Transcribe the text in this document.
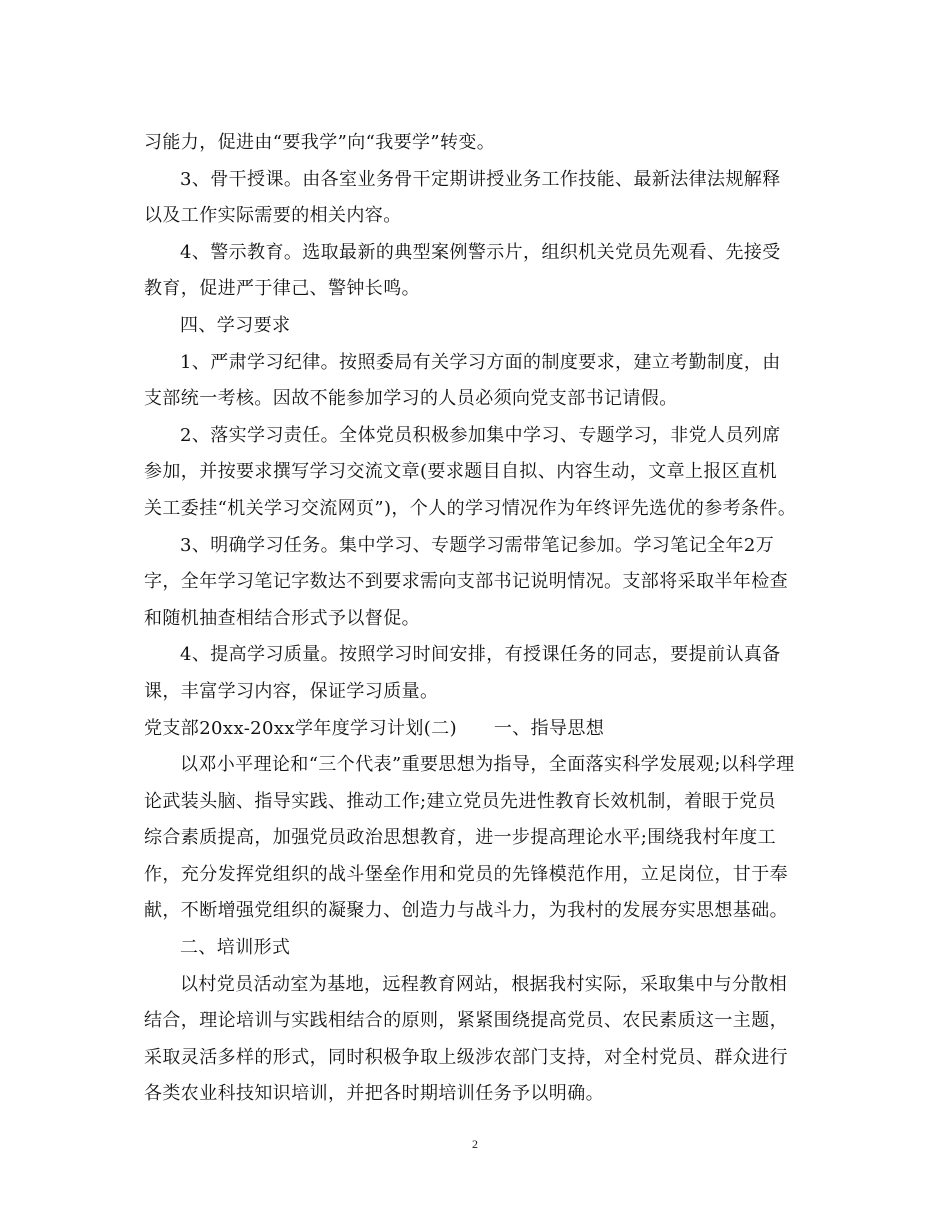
习能力，促进由“要我学”向“我要学”转变。
3、骨干授课。由各室业务骨干定期讲授业务工作技能、最新法律法规解释
以及工作实际需要的相关内容。
4、警示教育。选取最新的典型案例警示片，组织机关党员先观看、先接受
教育，促进严于律己、警钟长鸣。
四、学习要求
1、严肃学习纪律。按照委局有关学习方面的制度要求，建立考勤制度，由
支部统一考核。因故不能参加学习的人员必须向党支部书记请假。
2、落实学习责任。全体党员积极参加集中学习、专题学习，非党人员列席
参加，并按要求撰写学习交流文章(要求题目自拟、内容生动，文章上报区直机
关工委挂“机关学习交流网页”)，个人的学习情况作为年终评先选优的参考条件。
3、明确学习任务。集中学习、专题学习需带笔记参加。学习笔记全年2万
字，全年学习笔记字数达不到要求需向支部书记说明情况。支部将采取半年检查
和随机抽查相结合形式予以督促。
4、提高学习质量。按照学习时间安排，有授课任务的同志，要提前认真备
课，丰富学习内容，保证学习质量。
党支部20xx-20xx学年度学习计划(二)　　一、指导思想
以邓小平理论和“三个代表”重要思想为指导，全面落实科学发展观;以科学理
论武装头脑、指导实践、推动工作;建立党员先进性教育长效机制，着眼于党员
综合素质提高，加强党员政治思想教育，进一步提高理论水平;围绕我村年度工
作，充分发挥党组织的战斗堡垒作用和党员的先锋模范作用，立足岗位，甘于奉
献，不断增强党组织的凝聚力、创造力与战斗力，为我村的发展夯实思想基础。
二、培训形式
以村党员活动室为基地，远程教育网站，根据我村实际，采取集中与分散相
结合，理论培训与实践相结合的原则，紧紧围绕提高党员、农民素质这一主题，
采取灵活多样的形式，同时积极争取上级涉农部门支持，对全村党员、群众进行
各类农业科技知识培训，并把各时期培训任务予以明确。
2
